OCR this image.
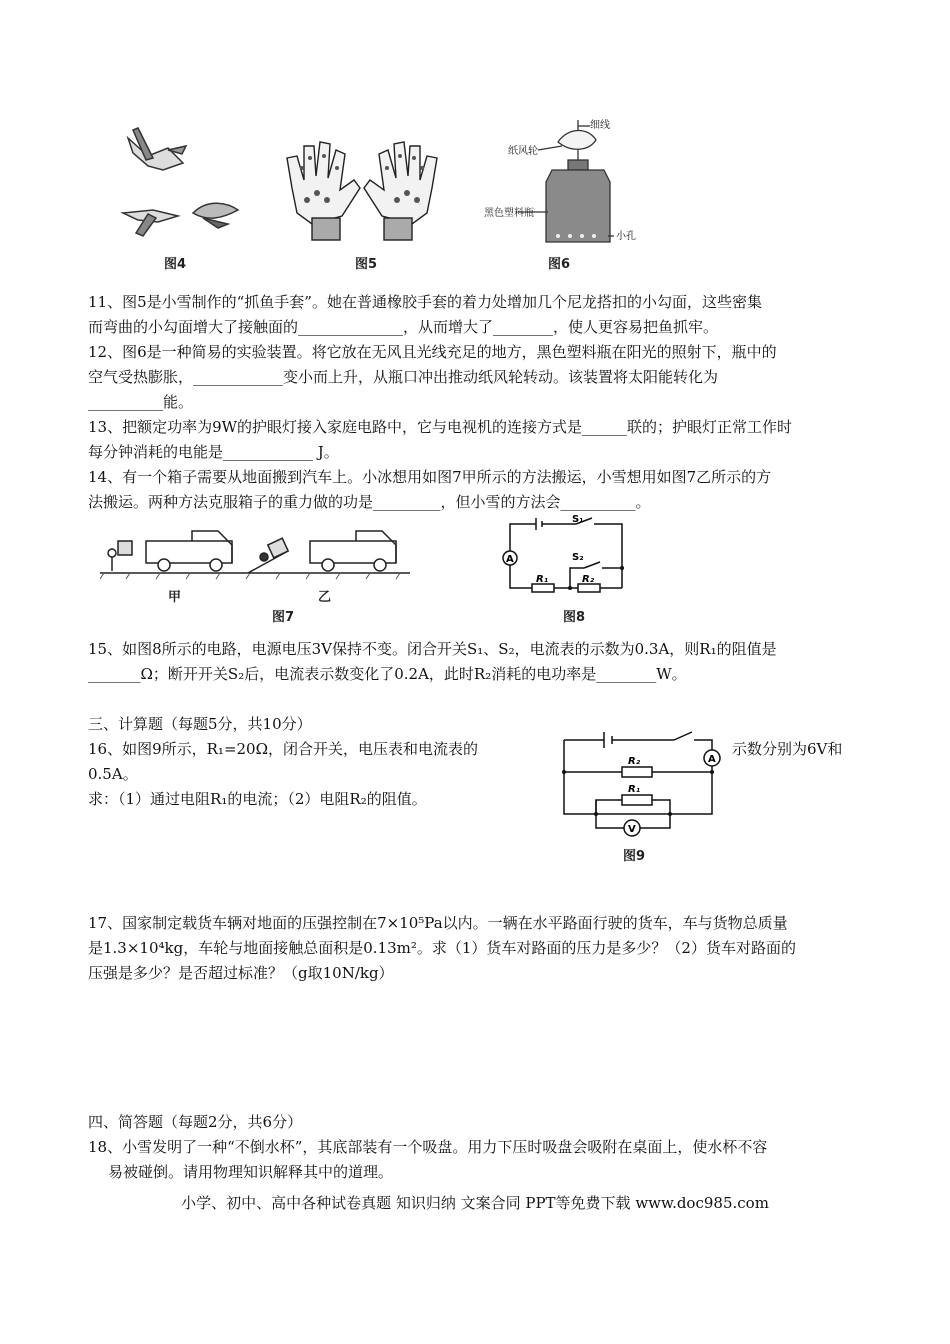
图4	图5
细线
纸风轮
黑色塑料瓶
小孔
图6
11、图5是小雪制作的“抓鱼手套”。她在普通橡胶手套的着力处增加几个尼龙搭扣的小勾面，这些密集
而弯曲的小勾面增大了接触面的______________，从而增大了________，使人更容易把鱼抓牢。
12、图6是一种简易的实验装置。将它放在无风且光线充足的地方，黑色塑料瓶在阳光的照射下，瓶中的
空气受热膨胀，____________变小而上升，从瓶口冲出推动纸风轮转动。该装置将太阳能转化为
__________能。
13、把额定功率为9W的护眼灯接入家庭电路中，它与电视机的连接方式是______联的；护眼灯正常工作时
每分钟消耗的电能是____________ J。
14、有一个箱子需要从地面搬到汽车上。小冰想用如图7甲所示的方法搬运，小雪想用如图7乙所示的方
法搬运。两种方法克服箱子的重力做的功是_________，但小雪的方法会__________。
甲	乙
图7
A
S₁
S₂
R₁	R₂
图8
15、如图8所示的电路，电源电压3V保持不变。闭合开关S₁、S₂，电流表的示数为0.3A，则R₁的阻值是
_______Ω；断开开关S₂后，电流表示数变化了0.2A，此时R₂消耗的电功率是________W。
三、计算题（每题5分，共10分）
16、如图9所示，R₁=20Ω，闭合开关，电压表和电流表的	示数分别为6V和
0.5A。
求：（1）通过电阻R₁的电流；（2）电阻R₂的阻值。
A
V
R₂
R₁
图9
17、国家制定载货车辆对地面的压强控制在7×10⁵Pa以内。一辆在水平路面行驶的货车，车与货物总质量
是1.3×10⁴kg，车轮与地面接触总面积是0.13m²。求（1）货车对路面的压力是多少？（2）货车对路面的
压强是多少？是否超过标准？（g取10N/kg）
四、简答题（每题2分，共6分）
18、小雪发明了一种“不倒水杯”，其底部装有一个吸盘。用力下压时吸盘会吸附在桌面上，使水杯不容
易被碰倒。请用物理知识解释其中的道理。
小学、初中、高中各种试卷真题 知识归纳 文案合同 PPT等免费下载 www.doc985.com
